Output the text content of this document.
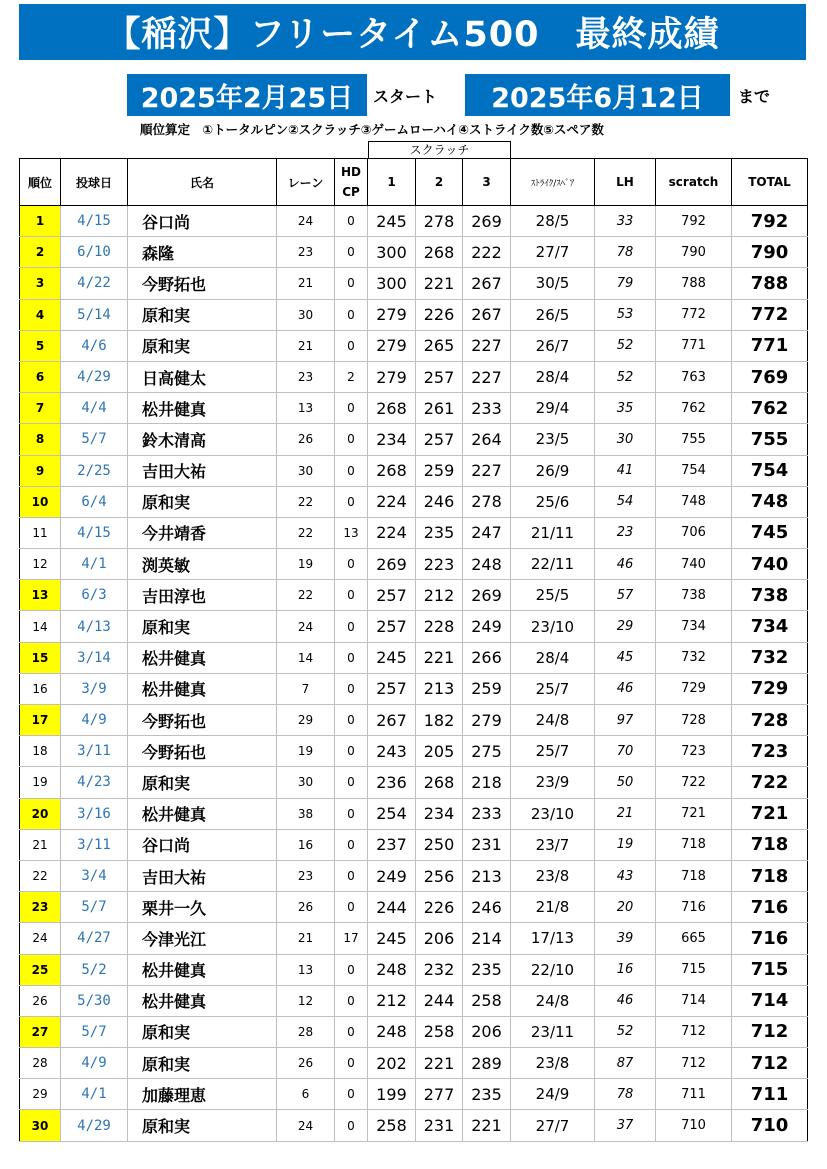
【稲沢】フリータイム500　最終成績
2025年2月25日	スタート	2025年6月12日	まで
順位算定　①トータルピン②スクラッチ③ゲームローハイ④ストライク数⑤スペア数
スクラッチ
順位	投球日	氏名	レーン	HD
CP	1	2	3	ｽﾄﾗｲｸ/ｽﾍﾟｱ	LH	scratch	TOTAL
1	4/15	谷口尚	24	0	245	278	269	28/5	33	792	792
2	6/10	森隆	23	0	300	268	222	27/7	78	790	790
3	4/22	今野拓也	21	0	300	221	267	30/5	79	788	788
4	5/14	原和実	30	0	279	226	267	26/5	53	772	772
5	4/6	原和実	21	0	279	265	227	26/7	52	771	771
6	4/29	日高健太	23	2	279	257	227	28/4	52	763	769
7	4/4	松井健真	13	0	268	261	233	29/4	35	762	762
8	5/7	鈴木清高	26	0	234	257	264	23/5	30	755	755
9	2/25	吉田大祐	30	0	268	259	227	26/9	41	754	754
10	6/4	原和実	22	0	224	246	278	25/6	54	748	748
11	4/15	今井靖香	22	13	224	235	247	21/11	23	706	745
12	4/1	渕英敏	19	0	269	223	248	22/11	46	740	740
13	6/3	吉田淳也	22	0	257	212	269	25/5	57	738	738
14	4/13	原和実	24	0	257	228	249	23/10	29	734	734
15	3/14	松井健真	14	0	245	221	266	28/4	45	732	732
16	3/9	松井健真	7	0	257	213	259	25/7	46	729	729
17	4/9	今野拓也	29	0	267	182	279	24/8	97	728	728
18	3/11	今野拓也	19	0	243	205	275	25/7	70	723	723
19	4/23	原和実	30	0	236	268	218	23/9	50	722	722
20	3/16	松井健真	38	0	254	234	233	23/10	21	721	721
21	3/11	谷口尚	16	0	237	250	231	23/7	19	718	718
22	3/4	吉田大祐	23	0	249	256	213	23/8	43	718	718
23	5/7	栗井一久	26	0	244	226	246	21/8	20	716	716
24	4/27	今津光江	21	17	245	206	214	17/13	39	665	716
25	5/2	松井健真	13	0	248	232	235	22/10	16	715	715
26	5/30	松井健真	12	0	212	244	258	24/8	46	714	714
27	5/7	原和実	28	0	248	258	206	23/11	52	712	712
28	4/9	原和実	26	0	202	221	289	23/8	87	712	712
29	4/1	加藤理恵	6	0	199	277	235	24/9	78	711	711
30	4/29	原和実	24	0	258	231	221	27/7	37	710	710
